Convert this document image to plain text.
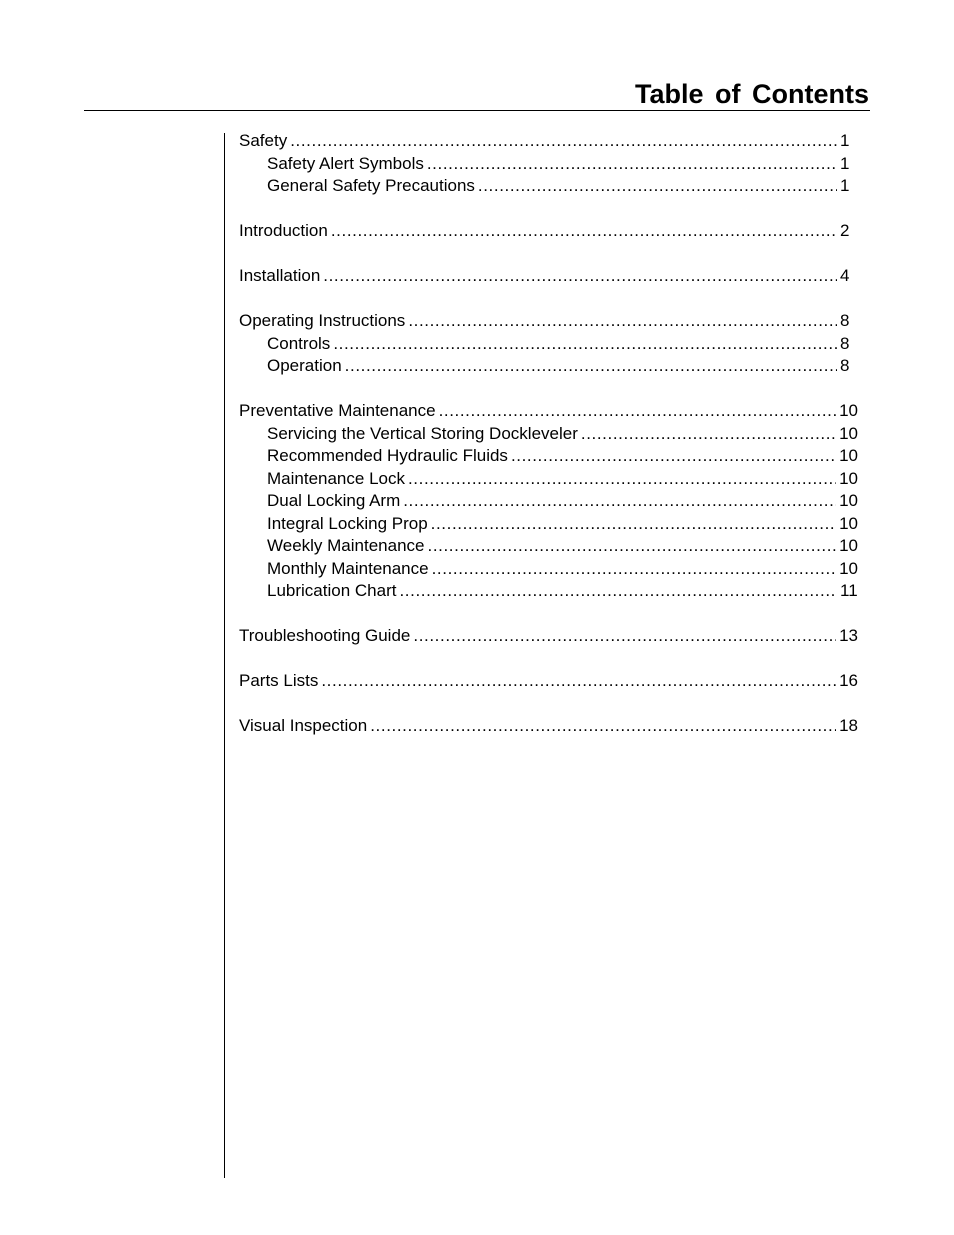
Table of Contents
Safety .....	1
Safety Alert Symbols .....	1
General Safety Precautions .....	1
Introduction .....	2
Installation .....	4
Operating Instructions .....	8
Controls .....	8
Operation .....	8
Preventative Maintenance .....	10
Servicing the Vertical Storing Dockleveler .....	10
Recommended Hydraulic Fluids .....	10
Maintenance Lock .....	10
Dual Locking Arm .....	10
Integral Locking Prop .....	10
Weekly Maintenance .....	10
Monthly Maintenance .....	10
Lubrication Chart .....	11
Troubleshooting Guide .....	13
Parts Lists .....	16
Visual Inspection .....	18
